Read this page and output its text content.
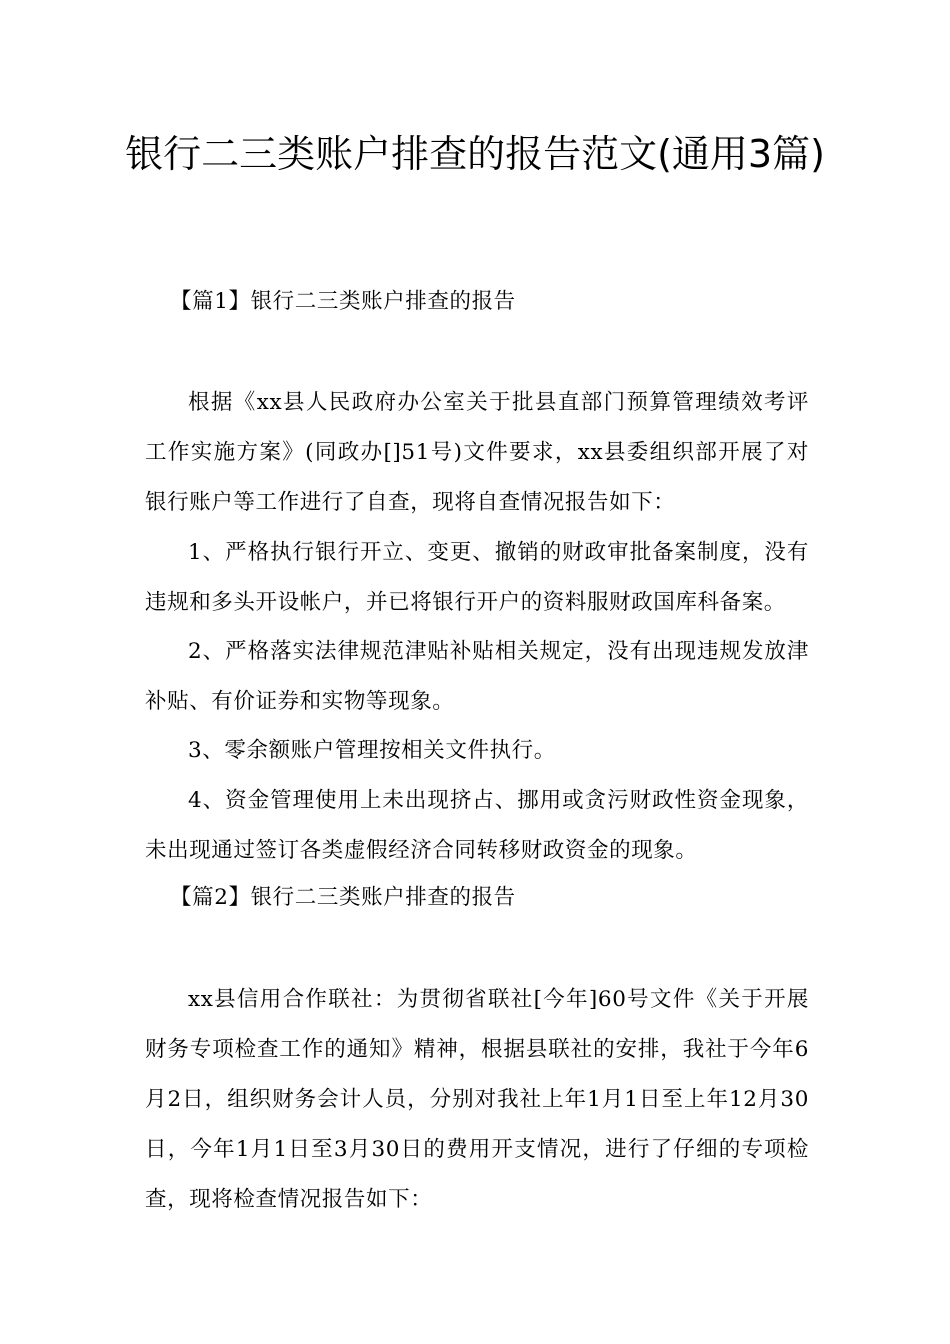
银行二三类账户排查的报告范文(通用3篇)

【篇1】银行二三类账户排查的报告

根据《xx县人民政府办公室关于批县直部门预算管理绩效考评工作实施方案》(同政办[]51号)文件要求，xx县委组织部开展了对银行账户等工作进行了自查，现将自查情况报告如下：

1、严格执行银行开立、变更、撤销的财政审批备案制度，没有违规和多头开设帐户，并已将银行开户的资料服财政国库科备案。

2、严格落实法律规范津贴补贴相关规定，没有出现违规发放津补贴、有价证券和实物等现象。

3、零余额账户管理按相关文件执行。

4、资金管理使用上未出现挤占、挪用或贪污财政性资金现象，未出现通过签订各类虚假经济合同转移财政资金的现象。

【篇2】银行二三类账户排查的报告

xx县信用合作联社：为贯彻省联社[今年]60号文件《关于开展财务专项检查工作的通知》精神，根据县联社的安排，我社于今年6月2日，组织财务会计人员，分别对我社上年1月1日至上年12月30日，今年1月1日至3月30日的费用开支情况，进行了仔细的专项检查，现将检查情况报告如下：
